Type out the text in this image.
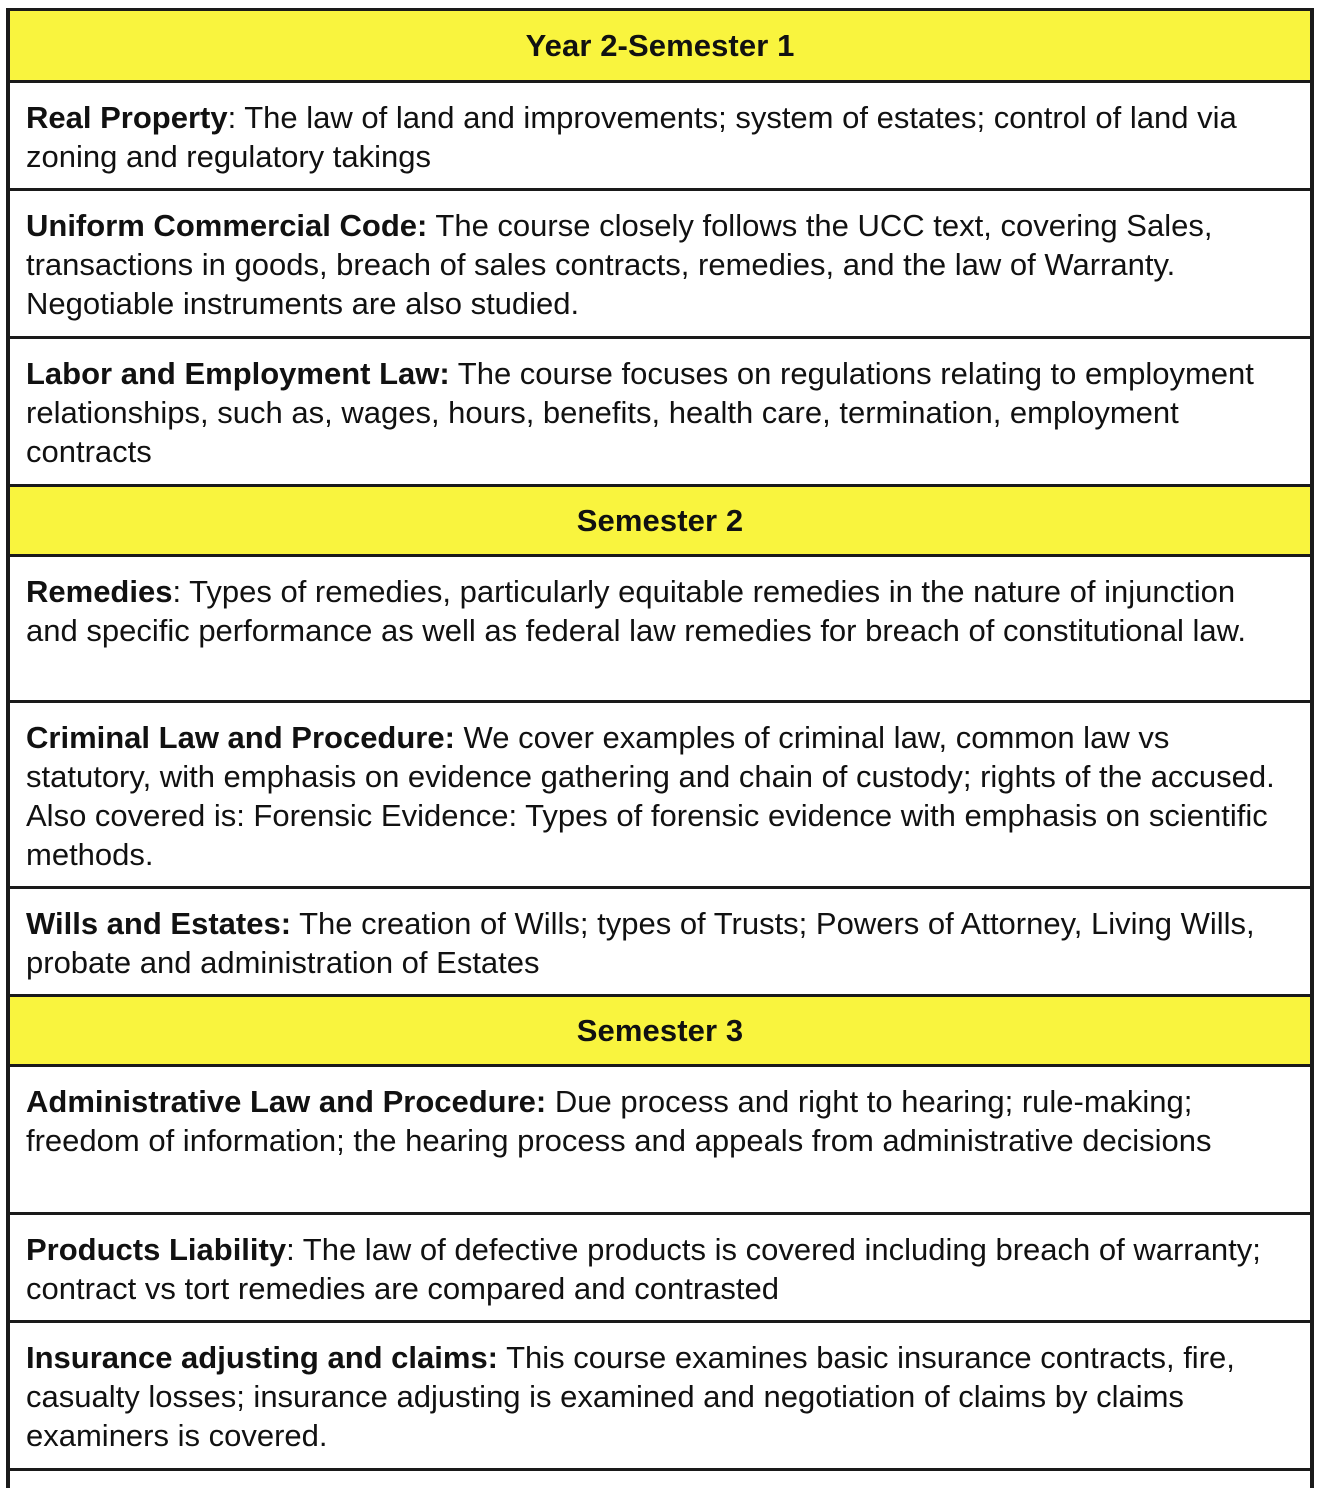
Year 2-Semester 1

Real Property: The law of land and improvements; system of estates; control of land via zoning and regulatory takings

Uniform Commercial Code: The course closely follows the UCC text, covering Sales, transactions in goods, breach of sales contracts, remedies, and the law of Warranty. Negotiable instruments are also studied.

Labor and Employment Law: The course focuses on regulations relating to employment relationships, such as, wages, hours, benefits, health care, termination, employment contracts

Semester 2

Remedies: Types of remedies, particularly equitable remedies in the nature of injunction and specific performance as well as federal law remedies for breach of constitutional law.

Criminal Law and Procedure: We cover examples of criminal law, common law vs statutory, with emphasis on evidence gathering and chain of custody; rights of the accused. Also covered is: Forensic Evidence: Types of forensic evidence with emphasis on scientific methods.

Wills and Estates: The creation of Wills; types of Trusts; Powers of Attorney, Living Wills, probate and administration of Estates

Semester 3

Administrative Law and Procedure: Due process and right to hearing; rule-making; freedom of information; the hearing process and appeals from administrative decisions

Products Liability: The law of defective products is covered including breach of warranty; contract vs tort remedies are compared and contrasted

Insurance adjusting and claims: This course examines basic insurance contracts, fire, casualty losses; insurance adjusting is examined and negotiation of claims by claims examiners is covered.
